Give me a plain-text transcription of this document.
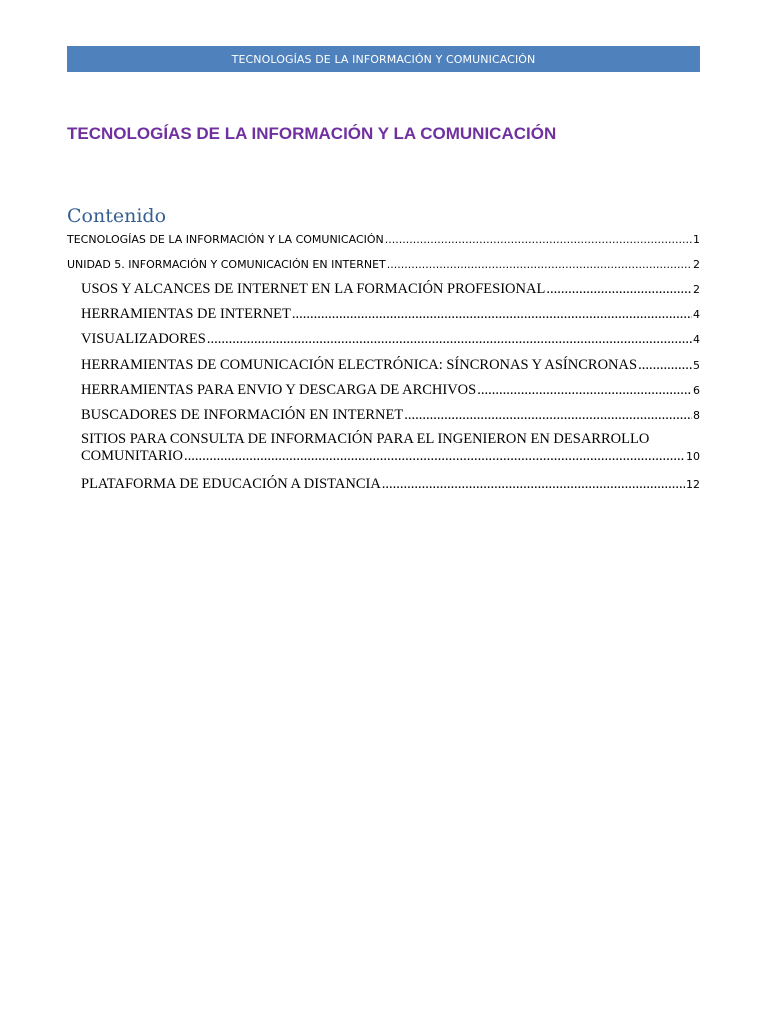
TECNOLOGÍAS DE LA INFORMACIÓN Y COMUNICACIÓN
TECNOLOGÍAS DE LA INFORMACIÓN Y LA COMUNICACIÓN
Contenido
TECNOLOGÍAS DE LA INFORMACIÓN Y LA COMUNICACIÓN .....	1
UNIDAD 5. INFORMACIÓN Y COMUNICACIÓN EN INTERNET .....	2
USOS Y ALCANCES DE INTERNET EN LA FORMACIÓN PROFESIONAL .....	2
HERRAMIENTAS DE INTERNET .....	4
VISUALIZADORES .....	4
HERRAMIENTAS DE COMUNICACIÓN ELECTRÓNICA: SÍNCRONAS Y ASÍNCRONAS .....	5
HERRAMIENTAS PARA ENVIO Y DESCARGA DE ARCHIVOS .....	6
BUSCADORES DE INFORMACIÓN EN INTERNET .....	8
SITIOS PARA CONSULTA DE INFORMACIÓN PARA EL INGENIERON EN DESARROLLO
COMUNITARIO .....	10
PLATAFORMA DE EDUCACIÓN A DISTANCIA .....	12
